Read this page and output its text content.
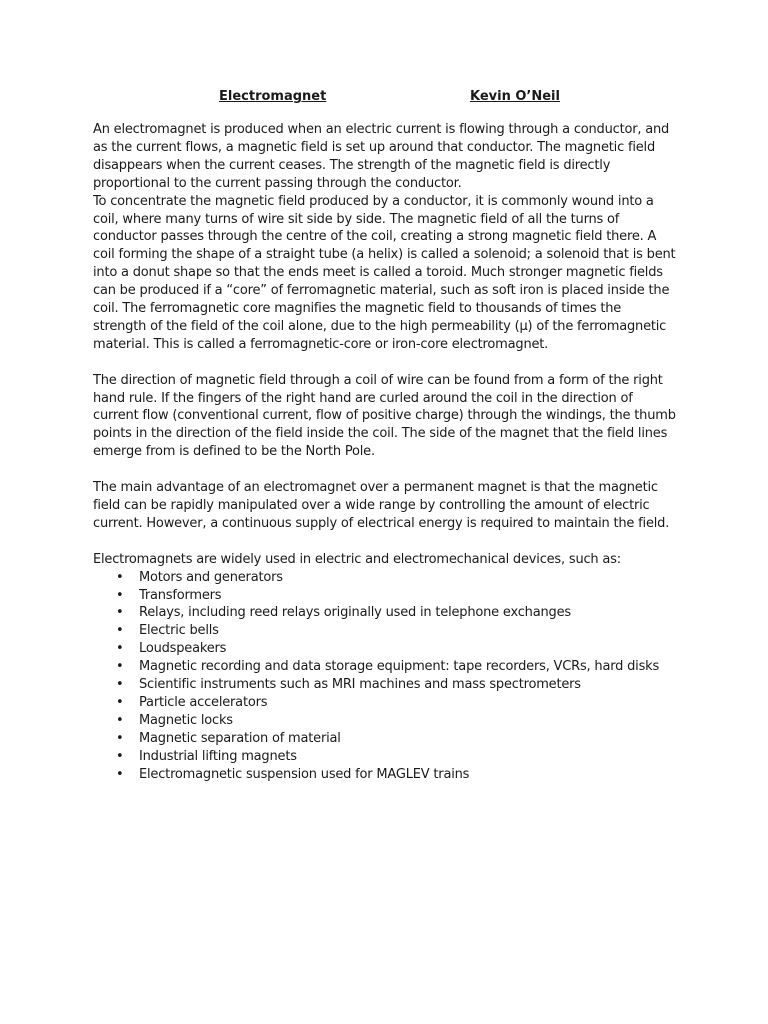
Electromagnet	Kevin O’Neil

An electromagnet is produced when an electric current is flowing through a conductor, and as the current flows, a magnetic field is set up around that conductor. The magnetic field disappears when the current ceases. The strength of the magnetic field is directly proportional to the current passing through the conductor.

To concentrate the magnetic field produced by a conductor, it is commonly wound into a coil, where many turns of wire sit side by side. The magnetic field of all the turns of conductor passes through the centre of the coil, creating a strong magnetic field there. A coil forming the shape of a straight tube (a helix) is called a solenoid; a solenoid that is bent into a donut shape so that the ends meet is called a toroid. Much stronger magnetic fields can be produced if a “core” of ferromagnetic material, such as soft iron is placed inside the coil. The ferromagnetic core magnifies the magnetic field to thousands of times the strength of the field of the coil alone, due to the high permeability (μ) of the ferromagnetic material. This is called a ferromagnetic-core or iron-core electromagnet.

The direction of magnetic field through a coil of wire can be found from a form of the right hand rule. If the fingers of the right hand are curled around the coil in the direction of current flow (conventional current, flow of positive charge) through the windings, the thumb points in the direction of the field inside the coil. The side of the magnet that the field lines emerge from is defined to be the North Pole.

The main advantage of an electromagnet over a permanent magnet is that the magnetic field can be rapidly manipulated over a wide range by controlling the amount of electric current. However, a continuous supply of electrical energy is required to maintain the field.

Electromagnets are widely used in electric and electromechanical devices, such as:

• Motors and generators
• Transformers
• Relays, including reed relays originally used in telephone exchanges
• Electric bells
• Loudspeakers
• Magnetic recording and data storage equipment: tape recorders, VCRs, hard disks
• Scientific instruments such as MRI machines and mass spectrometers
• Particle accelerators
• Magnetic locks
• Magnetic separation of material
• Industrial lifting magnets
• Electromagnetic suspension used for MAGLEV trains
